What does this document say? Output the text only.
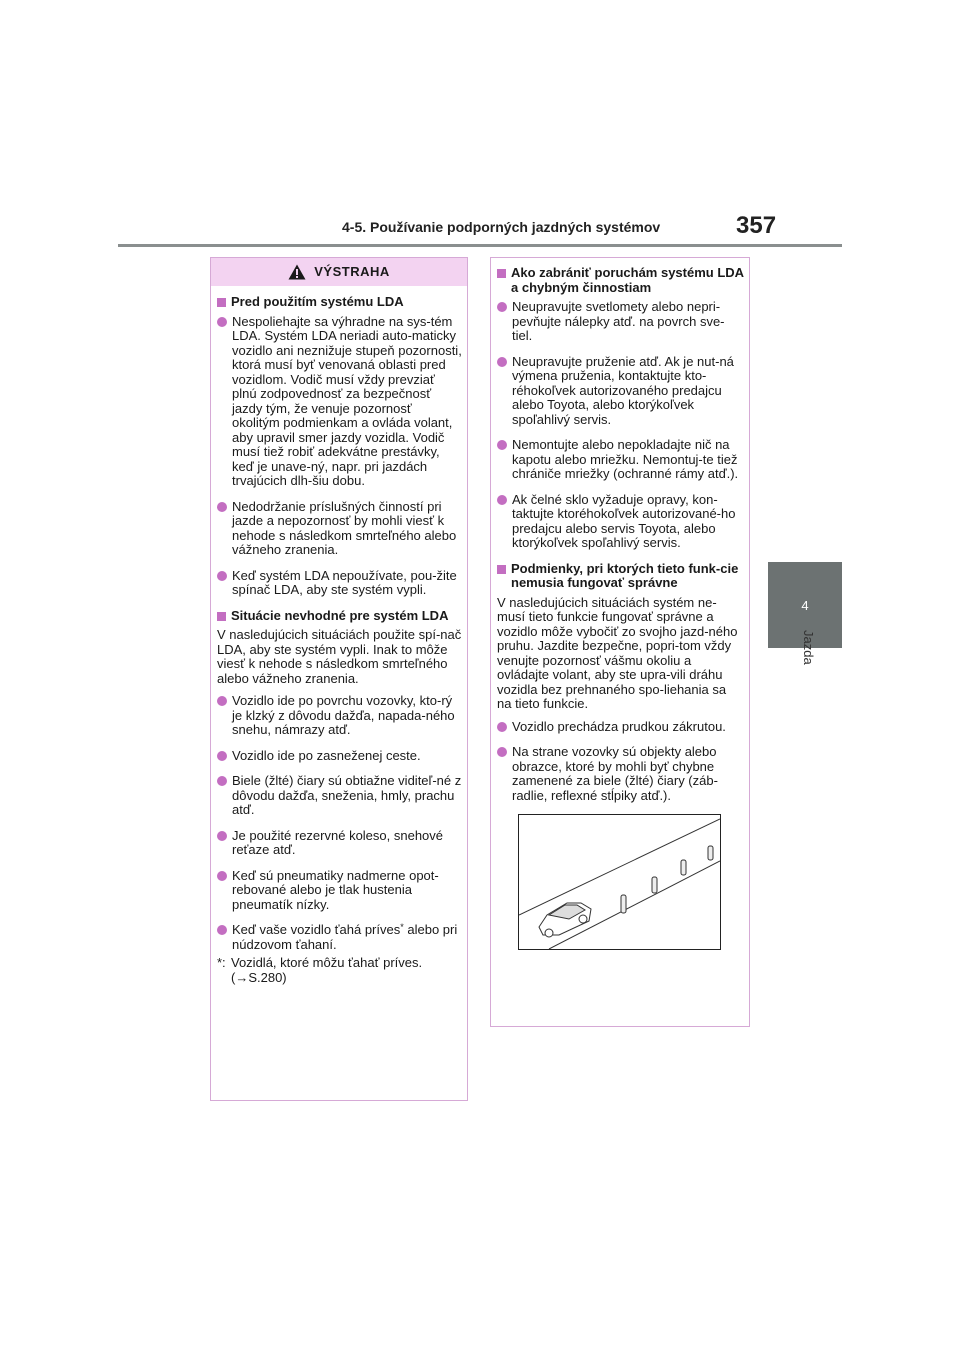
4-5. Používanie podporných jazdných systémov	357
4
Jazda
VÝSTRAHA
Pred použitím systému LDA
Nespoliehajte sa výhradne na sys-tém LDA. Systém LDA neriadi auto-maticky vozidlo ani neznižuje stupeň pozornosti, ktorá musí byť venovaná oblasti pred vozidlom. Vodič musí vždy prevziať plnú zodpovednosť za bezpečnosť jazdy tým, že venuje pozornosť okolitým podmienkam a ovláda volant, aby upravil smer jazdy vozidla. Vodič musí tiež robiť adekvátne prestávky, keď je unave-ný, napr. pri jazdách trvajúcich dlh-šiu dobu.
Nedodržanie príslušných činností pri jazde a nepozornosť by mohli viesť k nehode s následkom smrteľného alebo vážneho zranenia.
Keď systém LDA nepoužívate, pou-žite spínač LDA, aby ste systém vypli.
Situácie nevhodné pre systém LDA
V nasledujúcich situáciách použite spí-nač LDA, aby ste systém vypli. Inak to môže viesť k nehode s následkom smrteľného alebo vážneho zranenia.
Vozidlo ide po povrchu vozovky, kto-rý je klzký z dôvodu dažďa, napada-ného snehu, námrazy atď.
Vozidlo ide po zasneženej ceste.
Biele (žlté) čiary sú obtiažne viditeľ-né z dôvodu dažďa, sneženia, hmly, prachu atď.
Je použité rezervné koleso, snehové reťaze atď.
Keď sú pneumatiky nadmerne opot-rebované alebo je tlak hustenia pneumatík nízky.
Keď vaše vozidlo ťahá príves* alebo pri núdzovom ťahaní.
*: Vozidlá, ktoré môžu ťahať príves. (→S.280)
Ako zabrániť poruchám systému LDA a chybným činnostiam
Neupravujte svetlomety alebo nepri-pevňujte nálepky atď. na povrch sve-tiel.
Neupravujte pruženie atď. Ak je nut-ná výmena pruženia, kontaktujte kto-réhokoľvek autorizovaného predajcu alebo Toyota, alebo ktorýkoľvek spoľahlivý servis.
Nemontujte alebo nepokladajte nič na kapotu alebo mriežku. Nemontuj-te tiež chrániče mriežky (ochranné rámy atď.).
Ak čelné sklo vyžaduje opravy, kon-taktujte ktoréhokoľvek autorizované-ho predajcu alebo servis Toyota, alebo ktorýkoľvek spoľahlivý servis.
Podmienky, pri ktorých tieto funk-cie nemusia fungovať správne
V nasledujúcich situáciách systém ne-musí tieto funkcie fungovať správne a vozidlo môže vybočiť zo svojho jazd-ného pruhu. Jazdite bezpečne, popri-tom vždy venujte pozornosť vášmu okoliu a ovládajte volant, aby ste upra-vili dráhu vozidla bez prehnaného spo-liehania sa na tieto funkcie.
Vozidlo prechádza prudkou zákrutou.
Na strane vozovky sú objekty alebo obrazce, ktoré by mohli byť chybne zamenené za biele (žlté) čiary (záb-radlie, reflexné stĺpiky atď.).
